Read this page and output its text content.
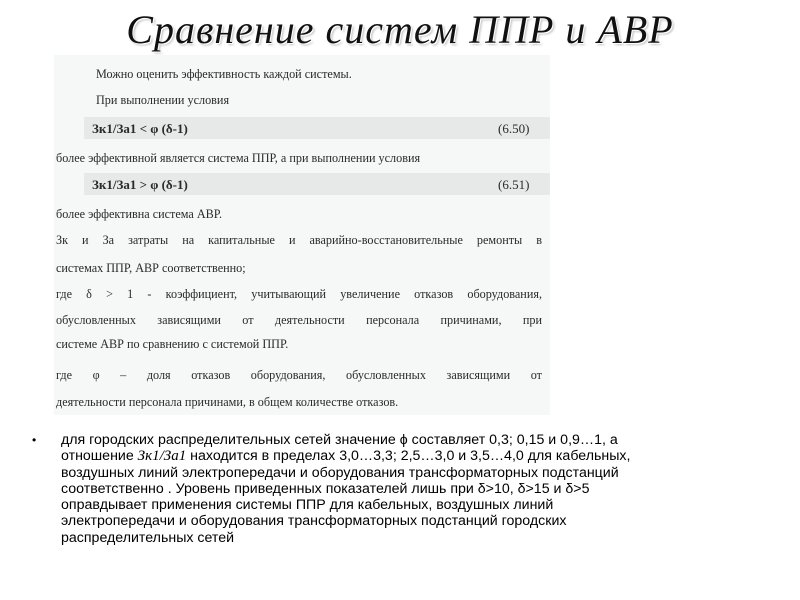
Сравнение систем ППР и АВР
Можно оценить эффективность каждой системы.
При выполнении условия
Зк1/За1 < φ (δ-1)	(6.50)
более эффективной является система ППР, а при выполнении условия
Зк1/За1 > φ (δ-1)	(6.51)
более эффективна система АВР.
Зк и За затраты на капитальные и аварийно-восстановительные ремонты в
системах ППР, АВР соответственно;
где δ > 1 - коэффициент, учитывающий увеличение отказов оборудования,
обусловленных зависящими от деятельности персонала причинами, при
системе АВР по сравнению с системой ППР.
где φ – доля отказов оборудования, обусловленных зависящими от
деятельности персонала причинами, в общем количестве отказов.
• для городских распределительных сетей значение ϕ составляет 0,3; 0,15 и 0,9…1, а
отношение Зк1/За1 находится в пределах 3,0…3,3; 2,5…3,0 и 3,5…4,0 для кабельных,
воздушных линий электропередачи и оборудования трансформаторных подстанций
соответственно . Уровень приведенных показателей лишь при δ>10, δ>15 и δ>5
оправдывает применения системы ППР для кабельных, воздушных линий
электропередачи и оборудования трансформаторных подстанций городских
распределительных сетей
